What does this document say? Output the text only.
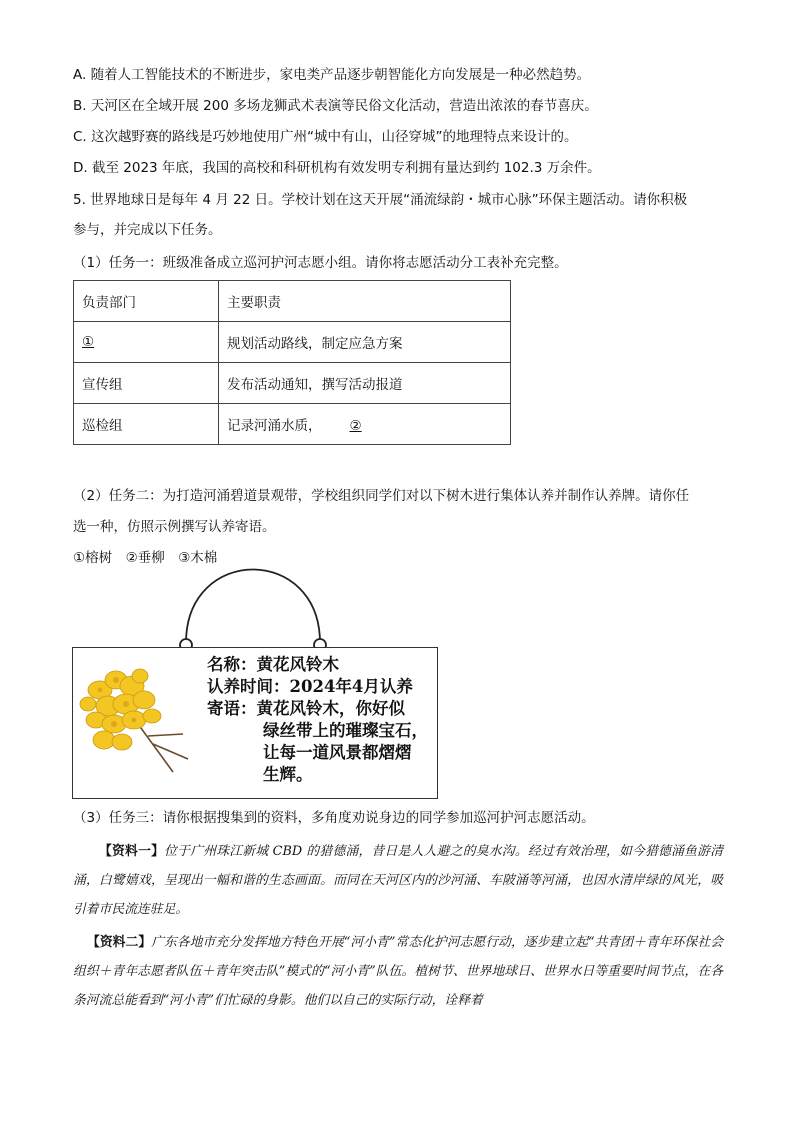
A. 随着人工智能技术的不断进步，家电类产品逐步朝智能化方向发展是一种必然趋势。
B. 天河区在全域开展 200 多场龙狮武术表演等民俗文化活动，营造出浓浓的春节喜庆。
C. 这次越野赛的路线是巧妙地使用广州“城中有山，山径穿城”的地理特点来设计的。
D. 截至 2023 年底，我国的高校和科研机构有效发明专利拥有量达到约 102.3 万余件。
5. 世界地球日是每年 4 月 22 日。学校计划在这天开展“涌流绿韵・城市心脉”环保主题活动。请你积极
参与，并完成以下任务。
（1）任务一：班级准备成立巡河护河志愿小组。请你将志愿活动分工表补充完整。
负责部门	主要职责
①	规划活动路线，制定应急方案
宣传组	发布活动通知，撰写活动报道
巡检组	记录河涌水质， ②
（2）任务二：为打造河涌碧道景观带，学校组织同学们对以下树木进行集体认养并制作认养牌。请你任
选一种，仿照示例撰写认养寄语。
①榕树　②垂柳　③木棉
名称：黄花风铃木
认养时间：2024年4月认养
寄语：黄花风铃木，你好似
绿丝带上的璀璨宝石，
让每一道风景都熠熠
生辉。
（3）任务三：请你根据搜集到的资料，多角度劝说身边的同学参加巡河护河志愿活动。
【资料一】位于广州珠江新城 CBD 的猎德涌，昔日是人人避之的臭水沟。经过有效治理，如今猎德涌鱼游清涌，白鹭嬉戏，呈现出一幅和谐的生态画面。而同在天河区内的沙河涌、车陂涌等河涌，也因水清岸绿的风光，吸引着市民流连驻足。
【资料二】广东各地市充分发挥地方特色开展“河小青”常态化护河志愿行动，逐步建立起“共青团＋青年环保社会组织＋青年志愿者队伍＋青年突击队”模式的“河小青”队伍。植树节、世界地球日、世界水日等重要时间节点，在各条河流总能看到“河小青”们忙碌的身影。他们以自己的实际行动，诠释着
